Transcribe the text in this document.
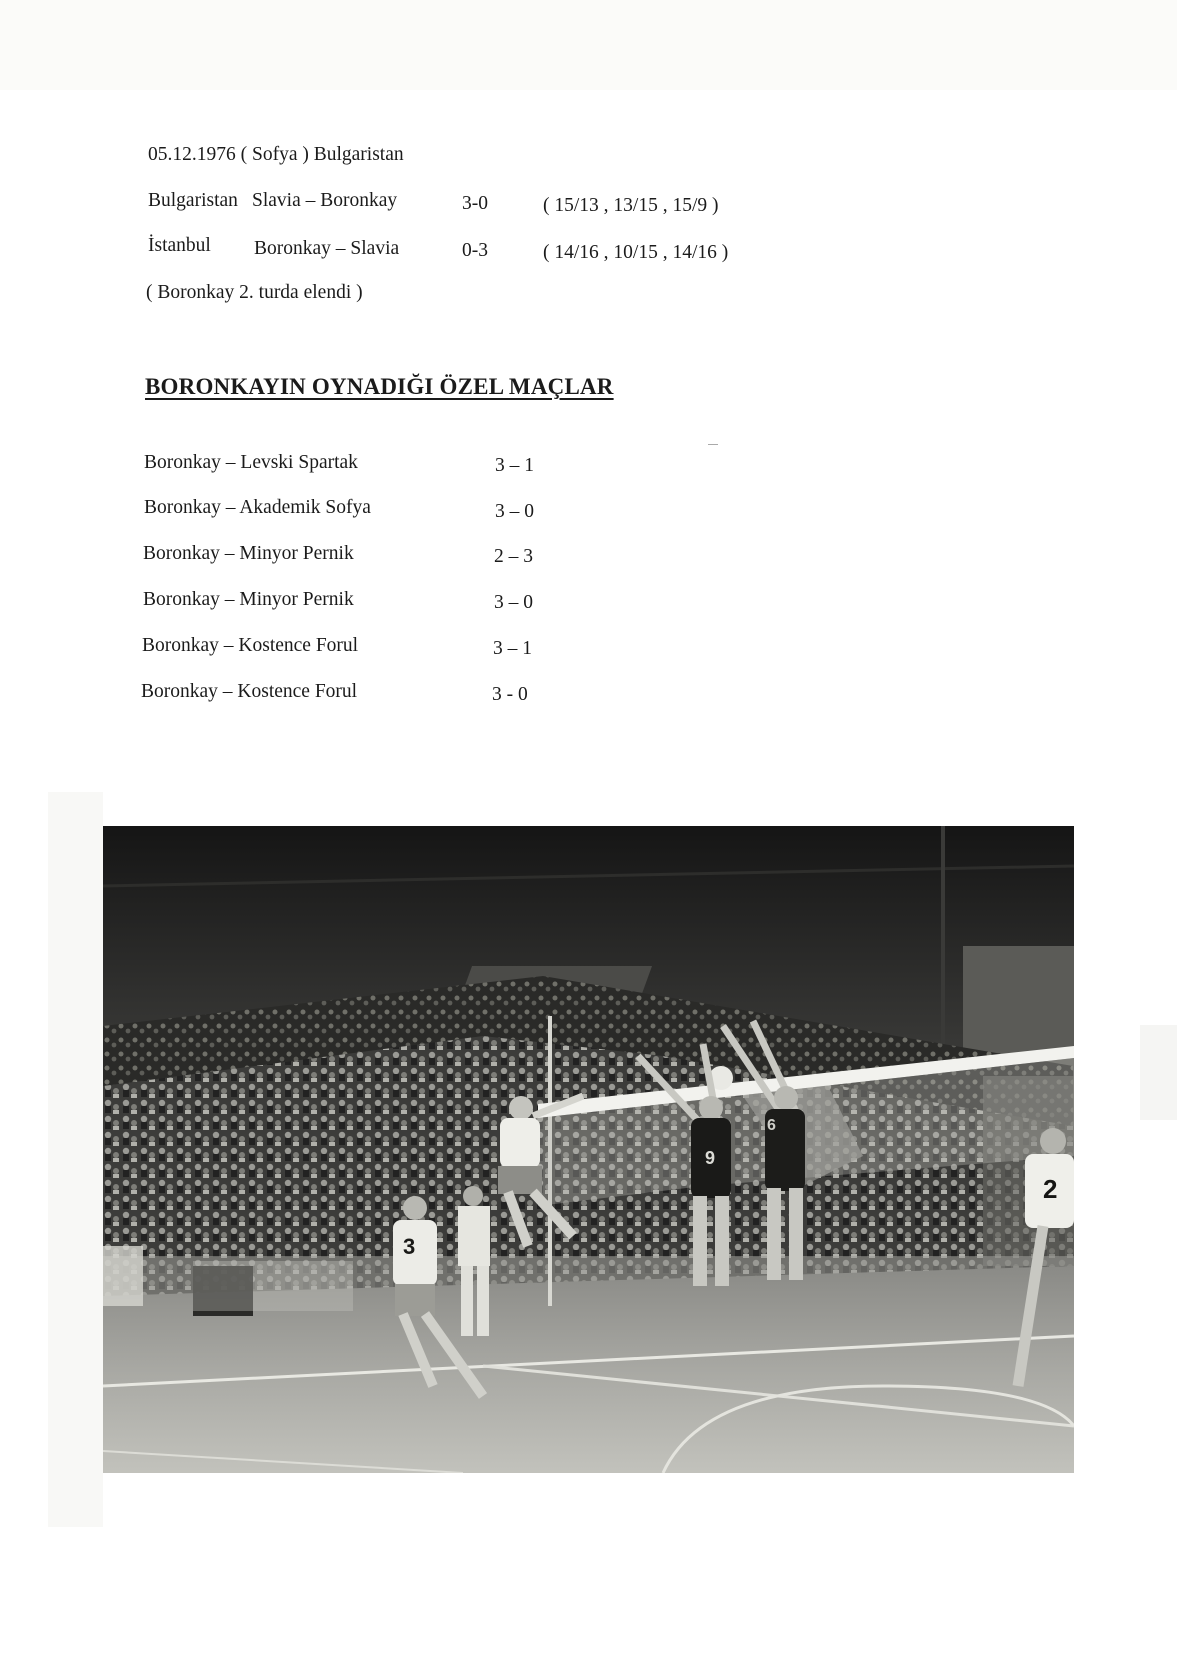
05.12.1976 ( Sofya ) Bulgaristan
Bulgaristan Slavia – Boronkay	3-0	( 15/13 , 13/15 , 15/9 )
İstanbul Boronkay – Slavia	0-3	( 14/16 , 10/15 , 14/16 )
( Boronkay 2. turda elendi )
BORONKAYIN OYNADIĞI ÖZEL MAÇLAR
Boronkay – Levski Spartak	3 – 1
Boronkay – Akademik Sofya	3 – 0
Boronkay – Minyor Pernik	2 – 3
Boronkay – Minyor Pernik	3 – 0
Boronkay – Kostence Forul	3 – 1
Boronkay – Kostence Forul	3 - 0
9
6
3
2
